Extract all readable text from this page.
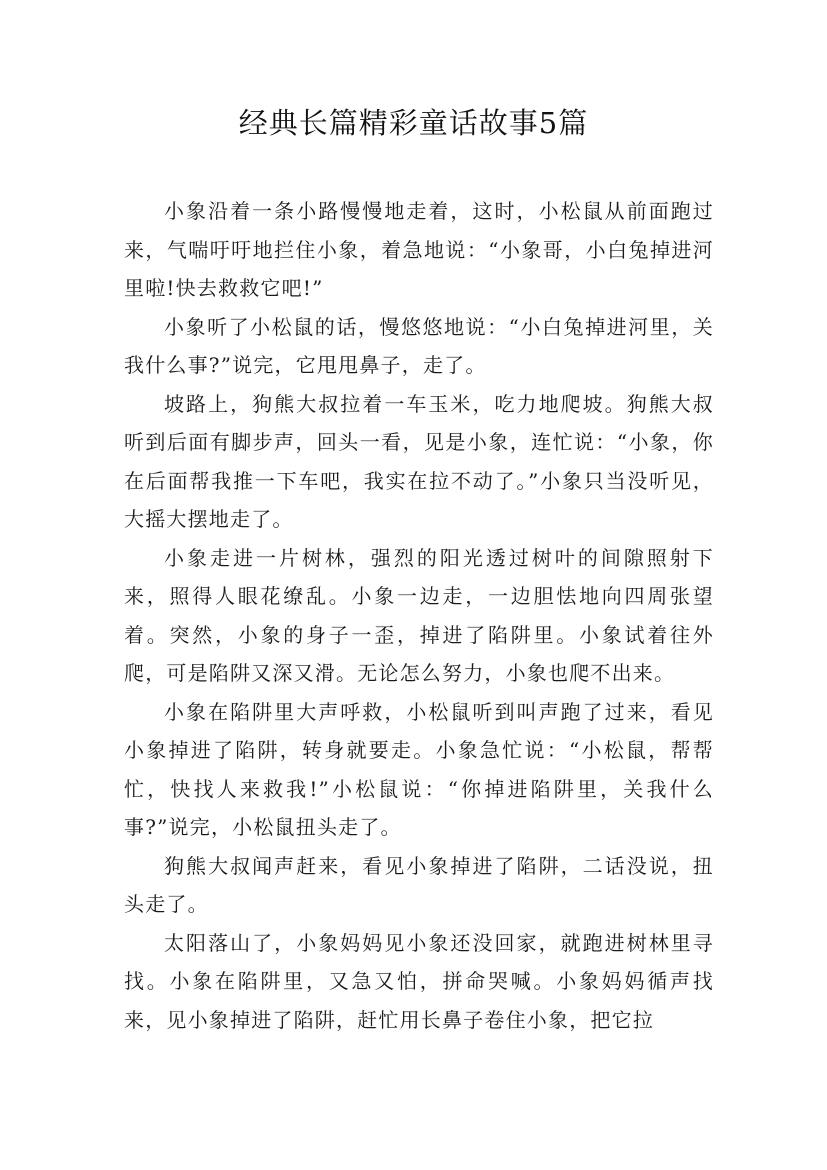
经典长篇精彩童话故事5篇

小象沿着一条小路慢慢地走着，这时，小松鼠从前面跑过来，气喘吁吁地拦住小象，着急地说：“小象哥，小白兔掉进河里啦!快去救救它吧!”

小象听了小松鼠的话，慢悠悠地说：“小白兔掉进河里，关我什么事?”说完，它甩甩鼻子，走了。

坡路上，狗熊大叔拉着一车玉米，吃力地爬坡。狗熊大叔听到后面有脚步声，回头一看，见是小象，连忙说：“小象，你在后面帮我推一下车吧，我实在拉不动了。”小象只当没听见，大摇大摆地走了。

小象走进一片树林，强烈的阳光透过树叶的间隙照射下来，照得人眼花缭乱。小象一边走，一边胆怯地向四周张望着。突然，小象的身子一歪，掉进了陷阱里。小象试着往外爬，可是陷阱又深又滑。无论怎么努力，小象也爬不出来。

小象在陷阱里大声呼救，小松鼠听到叫声跑了过来，看见小象掉进了陷阱，转身就要走。小象急忙说：“小松鼠，帮帮忙，快找人来救我!”小松鼠说：“你掉进陷阱里，关我什么事?”说完，小松鼠扭头走了。

狗熊大叔闻声赶来，看见小象掉进了陷阱，二话没说，扭头走了。

太阳落山了，小象妈妈见小象还没回家，就跑进树林里寻找。小象在陷阱里，又急又怕，拼命哭喊。小象妈妈循声找来，见小象掉进了陷阱，赶忙用长鼻子卷住小象，把它拉
